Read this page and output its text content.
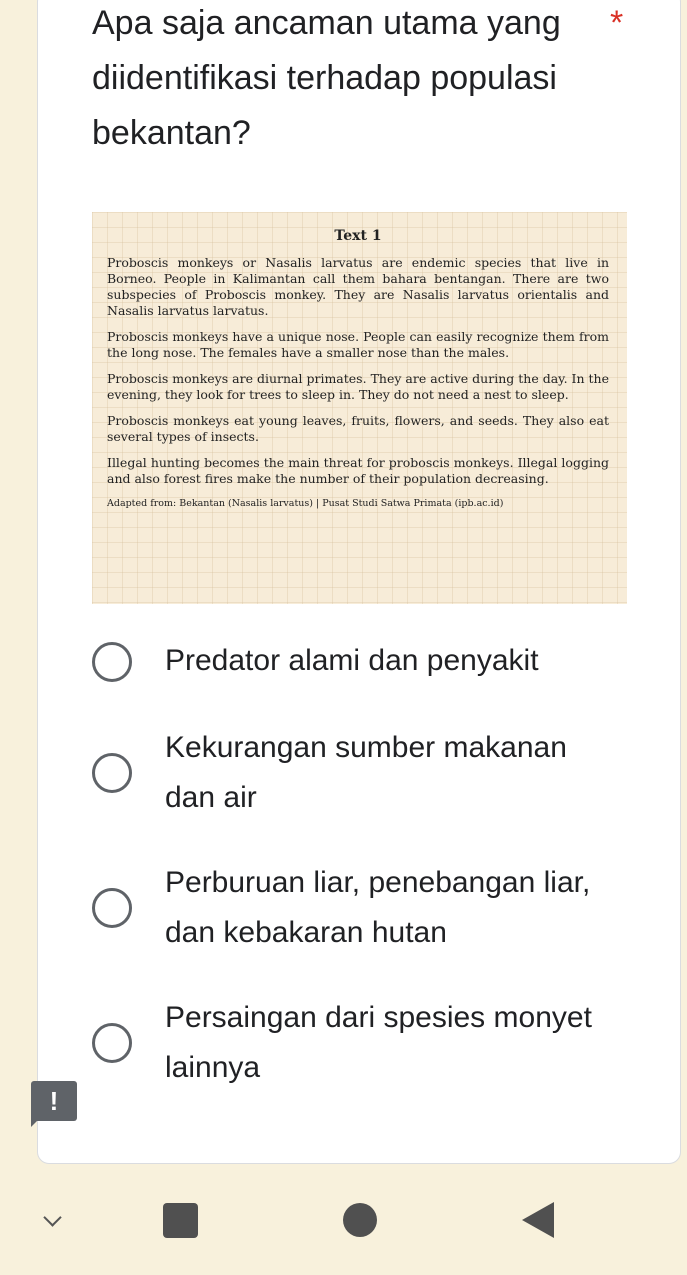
Apa saja ancaman utama yang diidentifikasi terhadap populasi bekantan?
*
Text 1

Proboscis monkeys or Nasalis larvatus are endemic species that live in Borneo. People in Kalimantan call them bahara bentangan. There are two subspecies of Proboscis monkey. They are Nasalis larvatus orientalis and Nasalis larvatus larvatus.

Proboscis monkeys have a unique nose. People can easily recognize them from the long nose. The females have a smaller nose than the males.

Proboscis monkeys are diurnal primates. They are active during the day. In the evening, they look for trees to sleep in. They do not need a nest to sleep.

Proboscis monkeys eat young leaves, fruits, flowers, and seeds. They also eat several types of insects.

Illegal hunting becomes the main threat for proboscis monkeys. Illegal logging and also forest fires make the number of their population decreasing.

Adapted from: Bekantan (Nasalis larvatus) | Pusat Studi Satwa Primata (ipb.ac.id)
Predator alami dan penyakit
Kekurangan sumber makanan dan air
Perburuan liar, penebangan liar, dan kebakaran hutan
Persaingan dari spesies monyet lainnya
!
